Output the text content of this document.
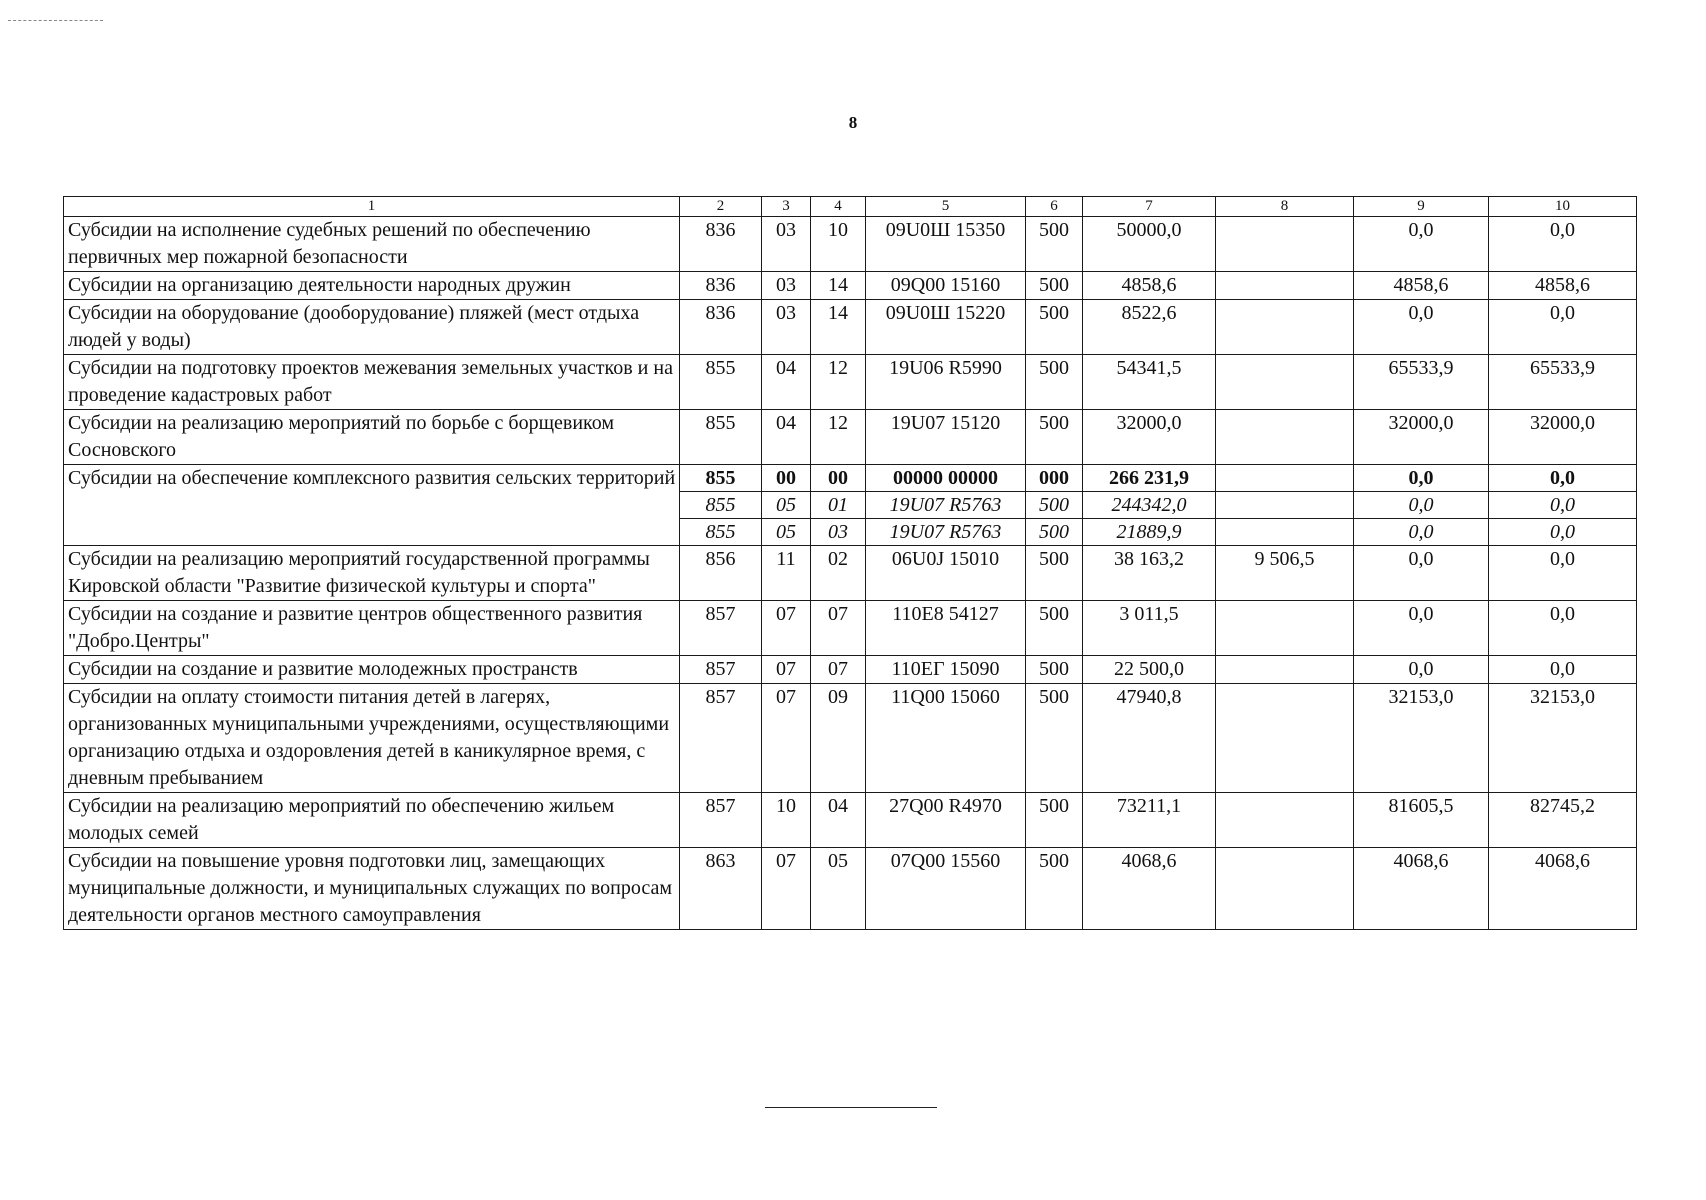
8
1	2	3	4	5	6	7	8	9	10
Субсидии на исполнение судебных решений по обеспечению первичных мер пожарной безопасности	836	03	10	09U0Ш 15350	500	50000,0		0,0	0,0
Субсидии на организацию деятельности народных дружин	836	03	14	09Q00 15160	500	4858,6		4858,6	4858,6
Субсидии на оборудование (дооборудование) пляжей (мест отдыха людей у воды)	836	03	14	09U0Ш 15220	500	8522,6		0,0	0,0
Субсидии на подготовку проектов межевания земельных участков и на проведение кадастровых работ	855	04	12	19U06 R5990	500	54341,5		65533,9	65533,9
Субсидии на реализацию мероприятий по борьбе с борщевиком Сосновского	855	04	12	19U07 15120	500	32000,0		32000,0	32000,0
Субсидии на обеспечение комплексного развития сельских территорий	855	00	00	00000 00000	000	266 231,9		0,0	0,0
	855	05	01	19U07 R5763	500	244342,0		0,0	0,0
	855	05	03	19U07 R5763	500	21889,9		0,0	0,0
Субсидии на реализацию мероприятий государственной программы Кировской области "Развитие физической культуры и спорта"	856	11	02	06U0J 15010	500	38 163,2	9 506,5	0,0	0,0
Субсидии на создание и развитие центров общественного развития "Добро.Центры"	857	07	07	110E8 54127	500	3 011,5		0,0	0,0
Субсидии на создание и развитие молодежных пространств	857	07	07	110EГ 15090	500	22 500,0		0,0	0,0
Субсидии на оплату стоимости питания детей в лагерях, организованных муниципальными учреждениями, осуществляющими организацию отдыха и оздоровления детей в каникулярное время, с дневным пребыванием	857	07	09	11Q00 15060	500	47940,8		32153,0	32153,0
Субсидии на реализацию мероприятий по обеспечению жильем молодых семей	857	10	04	27Q00 R4970	500	73211,1		81605,5	82745,2
Субсидии на повышение уровня подготовки лиц, замещающих муниципальные должности, и муниципальных служащих по вопросам деятельности органов местного самоуправления	863	07	05	07Q00 15560	500	4068,6		4068,6	4068,6
